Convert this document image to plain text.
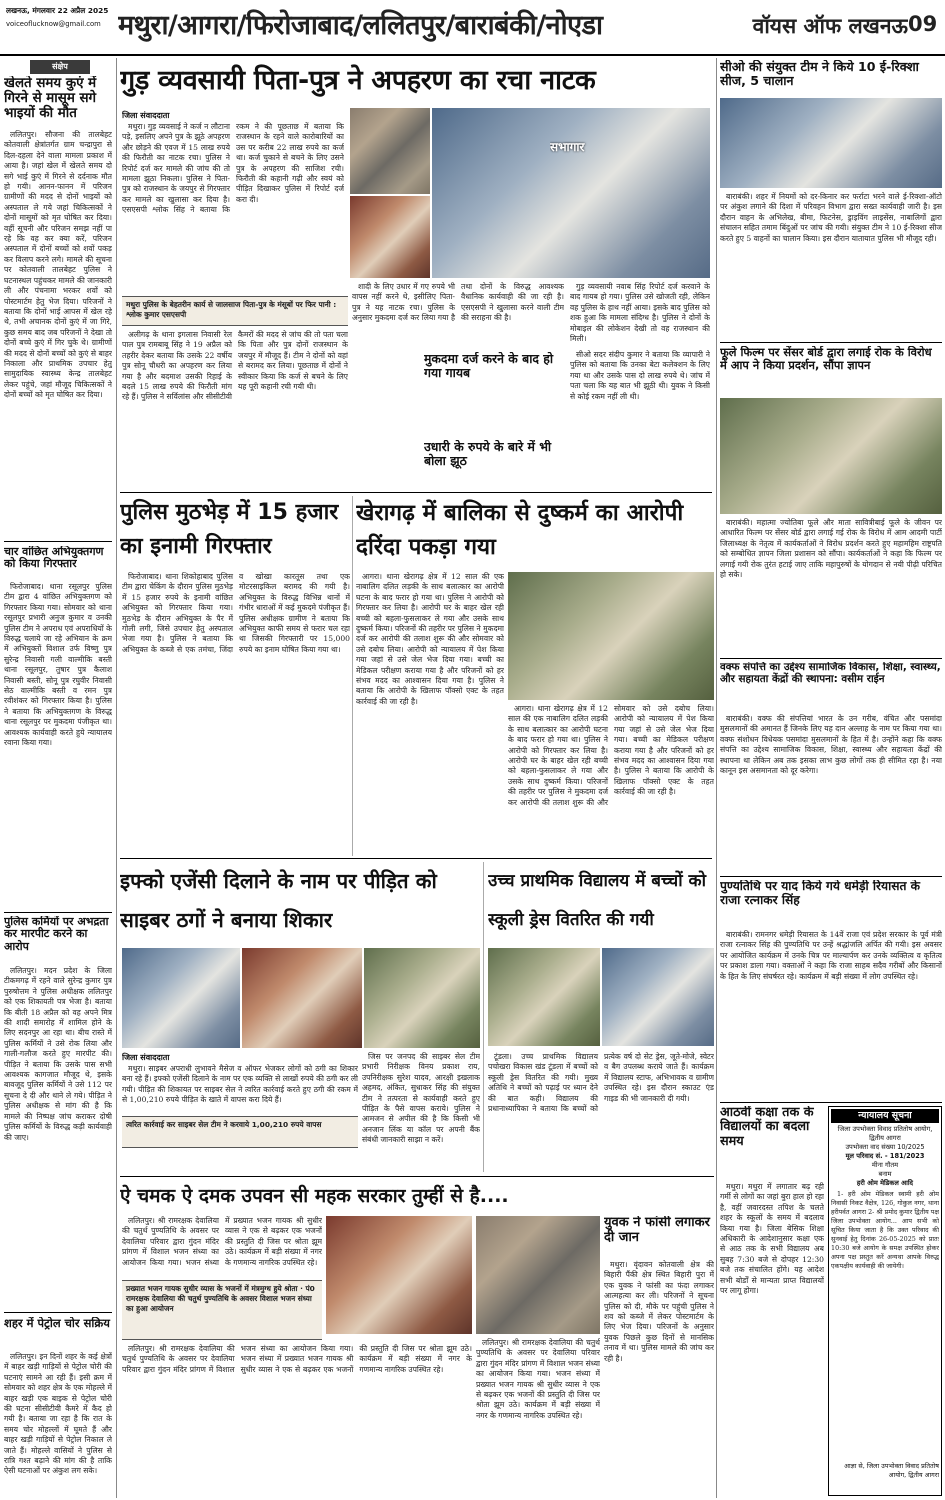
लखनऊ, मंगलवार 22 अप्रैल 2025
voiceoflucknow@gmail.com मथुरा/आगरा/फिरोजाबाद/ललितपुर/बाराबंकी/नोएडा	वॉयस ऑफ लखनऊ 09
संक्षेप
खेलते समय कुएं में गिरने से मासूम सगे भाइयों की मौत
ललितपुर। सौजना की तालबेहट कोतवाली क्षेत्रांतर्गत ग्राम चन्द्रापुरा से दिल-दहला देने वाला मामला प्रकाश में आया है। जहां खेल में खेलते समय दो सगे भाई कुएं में गिरने से दर्दनाक मौत हो गयी। आनन-फानन में परिजन ग्रामीणों की मदद से दोनों भाइयों को अस्पताल ले गये जहां चिकित्सकों ने दोनों मासूमों को मृत घोषित कर दिया। वहीं सूचनी और परिजन समझ नहीं पा रहे कि वह कर क्या करें, परिजन अस्पताल में दोनों बच्चों को शवों पकड़ कर विलाप करने लगे। मामले की सूचना पर कोतवाली तालबेहट पुलिस ने घटनास्थल पहुंचकर मामले की जानकारी ली और पंचनामा भरकर शवों को पोस्टमार्टम हेतु भेज दिया। परिजनों ने बताया कि दोनों भाई आपस में खेल रहे थे, तभी अचानक दोनों कुएं में जा गिरे, कुछ समय बाद जब परिजनों ने देखा तो दोनों बच्चे कुएं में गिर चुके थे। ग्रामीणों की मदद से दोनों बच्चों को कुएं से बाहर निकाला और प्राथमिक उपचार हेतु सामुदायिक स्वास्थ्य केन्द्र तालबेहट लेकर पहुंचे, जहां मौजूद चिकित्सकों ने दोनों बच्चों को मृत घोषित कर दिया।
चार वांछित अभियुक्तगण को किया गिरफ्तार
फिरोजाबाद। थाना रसूलपुर पुलिस टीम द्वारा 4 वांछित अभियुक्तगण को गिरफ्तार किया गया। सोमवार को थाना रसूलपुर प्रभारी अनुज कुमार व उनकी पुलिस टीम ने अपराध एवं अपराधियों के विरुद्ध चलाये जा रहे अभियान के क्रम में अभियुक्तों विशाल उर्फ विष्णु पुत्र सुरेन्द्र निवासी गली वाल्मीकि बस्ती थाना रसूलपुर, तुषार पुत्र कैलाश निवासी बस्ती, सोनू पुत्र रघुवीर निवासी सेठ वाल्मीकि बस्ती व रमन पुत्र रवीशंकर को गिरफ्तार किया है। पुलिस ने बताया कि अभियुक्तगण के विरुद्ध थाना रसूलपुर पर मुकदमा पंजीकृत था। आवश्यक कार्यवाही करते हुये न्यायालय रवाना किया गया।
पुलिस कर्मियों पर अभद्रता कर मारपीट करने का आरोप
ललितपुर। मदन प्रदेश के जिला टीकमगढ़ में रहने वाले सुरेन्द्र कुमार पुत्र पुरुषोत्तम ने पुलिस अधीक्षक ललितपुर को एक शिकायती पत्र भेजा है। बताया कि बीती 18 अप्रैल को वह अपने मित्र की शादी समारोह में शामिल होने के लिए सदनपुर आ रहा था। बीच रास्ते में पुलिस कर्मियों ने उसे रोक लिया और गाली-गलौज करते हुए मारपीट की। पीड़ित ने बताया कि उसके पास सभी आवश्यक कागजात मौजूद थे, इसके बावजूद पुलिस कर्मियों ने उसे 112 पर सूचना दे दी और थाने ले गये। पीड़ित ने पुलिस अधीक्षक से मांग की है कि मामले की निष्पक्ष जांच कराकर दोषी पुलिस कर्मियों के विरुद्ध कड़ी कार्यवाही की जाए।
शहर में पेट्रोल चोर सक्रिय
ललितपुर। इन दिनों शहर के कई क्षेत्रों में बाहर खड़ी गाड़ियों से पेट्रोल चोरी की घटनाएं सामने आ रही हैं। इसी क्रम में सोमवार को शहर क्षेत्र के एक मोहल्ले में बाहर खड़ी एक बाइक से पेट्रोल चोरी की घटना सीसीटीवी कैमरे में कैद हो गयी है। बताया जा रहा है कि रात के समय चोर मोहल्लों में घूमते हैं और बाहर खड़ी गाड़ियों से पेट्रोल निकाल ले जाते हैं। मोहल्ले वासियों ने पुलिस से रात्रि गश्त बढ़ाने की मांग की है ताकि ऐसी घटनाओं पर अंकुश लग सके।
गुड़ व्यवसायी पिता-पुत्र ने अपहरण का रचा नाटक
जिला संवाददाता
मथुरा। गुड़ व्यवसाई ने कर्ज न लौटाना पड़े, इसलिए अपने पुत्र के झूठे अपहरण और छोड़ने की एवज में 15 लाख रुपये की फिरौती का नाटक रचा। पुलिस ने रिपोर्ट दर्ज कर मामले की जांच की तो मामला झूठा निकला। पुलिस ने पिता-पुत्र को राजस्थान के जयपुर से गिरफ्तार कर मामले का खुलासा कर दिया है। एसएसपी श्लोक सिंह ने बताया कि रकम ने की पूछताछ में बताया कि राजस्थान के रहने वाले कारोबारियों का उस पर करीब 22 लाख रुपये का कर्ज था। कर्ज चुकाने से बचने के लिए उसने पुत्र के अपहरण की साजिश रची। फिरौती की कहानी गढ़ी और स्वयं को पीड़ित दिखाकर पुलिस में रिपोर्ट दर्ज करा दी।
सभागार
मथुरा पुलिस के बेहतरीन कार्य से जालसाज पिता-पुत्र के मंसूबों पर फिर पानी : श्लोक कुमार एसएसपी
अलीगढ़ के थाना इगलास निवासी रेल पाल पुत्र रामबाबू सिंह ने 19 अप्रैल को तहरीर देकर बताया कि उसके 22 वर्षीय पुत्र सोनू चौधरी का अपहरण कर लिया गया है और बदमाश उसकी रिहाई के बदले 15 लाख रुपये की फिरौती मांग रहे हैं। पुलिस ने सर्विलांस और सीसीटीवी कैमरों की मदद से जांच की तो पता चला कि पिता और पुत्र दोनों राजस्थान के जयपुर में मौजूद हैं। टीम ने दोनों को वहां से बरामद कर लिया। पूछताछ में दोनों ने स्वीकार किया कि कर्ज से बचने के लिए यह पूरी कहानी रची गयी थी।
शादी के लिए उधार में गए रुपये भी वापस नहीं करने थे, इसीलिए पिता-पुत्र ने यह नाटक रचा। पुलिस के अनुसार मुकदमा दर्ज कर लिया गया है तथा दोनों के विरुद्ध आवश्यक वैधानिक कार्यवाही की जा रही है। एसएसपी ने खुलासा करने वाली टीम की सराहना की है।
गुड़ व्यवसायी नवाब सिंह रिपोर्ट दर्ज करवाने के बाद गायब हो गया। पुलिस उसे खोजती रही, लेकिन वह पुलिस के हाथ नहीं आया। इसके बाद पुलिस को शक हुआ कि मामला संदिग्ध है। पुलिस ने दोनों के मोबाइल की लोकेशन देखी तो वह राजस्थान की मिली।
मुकदमा दर्ज करने के बाद हो गया गायब
उधारी के रुपये के बारे में भी बोला झूठ
सीओ सदर संदीप कुमार ने बताया कि व्यापारी ने पुलिस को बताया कि उनका बेटा कलेक्शन के लिए गया था और उसके पास दो लाख रुपये थे। जांच में पता चला कि यह बात भी झूठी थी। युवक ने किसी से कोई रकम नहीं ली थी।
पुलिस मुठभेड़ में 15 हजार का इनामी गिरफ्तार
फिरोजाबाद। थाना शिकोहाबाद पुलिस टीम द्वारा चेकिंग के दौरान पुलिस मुठभेड़ में 15 हजार रुपये के इनामी वांछित अभियुक्त को गिरफ्तार किया गया। मुठभेड़ के दौरान अभियुक्त के पैर में गोली लगी, जिसे उपचार हेतु अस्पताल भेजा गया है। पुलिस ने बताया कि अभियुक्त के कब्जे से एक तमंचा, जिंदा व खोखा कारतूस तथा एक मोटरसाइकिल बरामद की गयी है। अभियुक्त के विरुद्ध विभिन्न थानों में गंभीर धाराओं में कई मुकदमे पंजीकृत हैं। पुलिस अधीक्षक ग्रामीण ने बताया कि अभियुक्त काफी समय से फरार चल रहा था जिसकी गिरफ्तारी पर 15,000 रुपये का इनाम घोषित किया गया था।
खेरागढ़ में बालिका से दुष्कर्म का आरोपी दरिंदा पकड़ा गया
आगरा। थाना खेरागढ़ क्षेत्र में 12 साल की एक नाबालिग दलित लड़की के साथ बलात्कार का आरोपी घटना के बाद फरार हो गया था। पुलिस ने आरोपी को गिरफ्तार कर लिया है। आरोपी घर के बाहर खेल रही बच्ची को बहला-फुसलाकर ले गया और उसके साथ दुष्कर्म किया। परिजनों की तहरीर पर पुलिस ने मुकदमा दर्ज कर आरोपी की तलाश शुरू की और सोमवार को उसे दबोच लिया। आरोपी को न्यायालय में पेश किया गया जहां से उसे जेल भेज दिया गया। बच्ची का मेडिकल परीक्षण कराया गया है और परिजनों को हर संभव मदद का आश्वासन दिया गया है। पुलिस ने बताया कि आरोपी के खिलाफ पॉक्सो एक्ट के तहत कार्रवाई की जा रही है।
आगरा। थाना खेरागढ़ क्षेत्र में 12 साल की एक नाबालिग दलित लड़की के साथ बलात्कार का आरोपी घटना के बाद फरार हो गया था। पुलिस ने आरोपी को गिरफ्तार कर लिया है। आरोपी घर के बाहर खेल रही बच्ची को बहला-फुसलाकर ले गया और उसके साथ दुष्कर्म किया। परिजनों की तहरीर पर पुलिस ने मुकदमा दर्ज कर आरोपी की तलाश शुरू की और सोमवार को उसे दबोच लिया। आरोपी को न्यायालय में पेश किया गया जहां से उसे जेल भेज दिया गया। बच्ची का मेडिकल परीक्षण कराया गया है और परिजनों को हर संभव मदद का आश्वासन दिया गया है। पुलिस ने बताया कि आरोपी के खिलाफ पॉक्सो एक्ट के तहत कार्रवाई की जा रही है।
इफ्को एजेंसी दिलाने के नाम पर पीड़ित को साइबर ठगों ने बनाया शिकार
जिला संवाददाता
मथुरा। साइबर अपराधी लुभावने मैसेज व ऑफर भेजकर लोगों को ठगी का शिकार बना रहे हैं। इफ्को एजेंसी दिलाने के नाम पर एक व्यक्ति से लाखों रुपये की ठगी कर ली गयी। पीड़ित की शिकायत पर साइबर सेल ने त्वरित कार्रवाई करते हुए ठगी की रकम में से 1,00,210 रुपये पीड़ित के खाते में वापस करा दिये हैं।
त्वरित कार्रवाई कर साइबर सेल टीम ने करवाये 1,00,210 रुपये वापस
जिस पर जनपद की साइबर सेल टीम प्रभारी निरीक्षक विनय प्रकाश राय, उपनिरीक्षक सुरेश यादव, आरक्षी इखलाक अहमद, अंकित, सुधाकर सिंह की संयुक्त टीम ने तत्परता से कार्यवाही करते हुए पीड़ित के पैसे वापस कराये। पुलिस ने आमजन से अपील की है कि किसी भी अनजान लिंक या कॉल पर अपनी बैंक संबंधी जानकारी साझा न करें।
उच्च प्राथमिक विद्यालय में बच्चों को स्कूली ड्रेस वितरित की गयी
टूंडला। उच्च प्राथमिक विद्यालय पचोखरा विकास खंड टूंडला में बच्चों को स्कूली ड्रेस वितरित की गयी। मुख्य अतिथि ने बच्चों को पढ़ाई पर ध्यान देने की बात कही। विद्यालय की प्रधानाध्यापिका ने बताया कि बच्चों को प्रत्येक वर्ष दो सेट ड्रेस, जूते-मोजे, स्वेटर व बैग उपलब्ध कराये जाते हैं। कार्यक्रम में विद्यालय स्टाफ, अभिभावक व ग्रामीण उपस्थित रहे। इस दौरान स्काउट एंड गाइड की भी जानकारी दी गयी।
ऐ चमक ऐ दमक उपवन सी महक सरकार तुम्हीं से है....
ललितपुर। श्री रामरक्षक देवालिया की चतुर्थ पुण्यतिथि के अवसर पर देवालिया परिवार द्वारा गुंदन मंदिर प्रांगण में विशाल भजन संध्या का आयोजन किया गया। भजन संध्या में प्रख्यात भजन गायक श्री सुधीर व्यास ने एक से बढ़कर एक भजनों की प्रस्तुति दी जिस पर श्रोता झूम उठे। कार्यक्रम में बड़ी संख्या में नगर के गणमान्य नागरिक उपस्थित रहे।
प्रख्यात भजन गायक सुधीर व्यास के भजनों में मंत्रमुग्ध हुये श्रोता · पं0 रामरक्षक देवालिया की चतुर्थ पुण्यतिथि के अवसर विशाल भजन संध्या का हुआ आयोजन
ललितपुर। श्री रामरक्षक देवालिया की चतुर्थ पुण्यतिथि के अवसर पर देवालिया परिवार द्वारा गुंदन मंदिर प्रांगण में विशाल भजन संध्या का आयोजन किया गया। भजन संध्या में प्रख्यात भजन गायक श्री सुधीर व्यास ने एक से बढ़कर एक भजनों की प्रस्तुति दी जिस पर श्रोता झूम उठे। कार्यक्रम में बड़ी संख्या में नगर के गणमान्य नागरिक उपस्थित रहे।
ललितपुर। श्री रामरक्षक देवालिया की चतुर्थ पुण्यतिथि के अवसर पर देवालिया परिवार द्वारा गुंदन मंदिर प्रांगण में विशाल भजन संध्या का आयोजन किया गया। भजन संध्या में प्रख्यात भजन गायक श्री सुधीर व्यास ने एक से बढ़कर एक भजनों की प्रस्तुति दी जिस पर श्रोता झूम उठे। कार्यक्रम में बड़ी संख्या में नगर के गणमान्य नागरिक उपस्थित रहे।
युवक ने फांसी लगाकर दी जान
मथुरा। वृंदावन कोतवाली क्षेत्र की बिहारी पैंकी क्षेत्र स्थित बिहारी पुरा में एक युवक ने फांसी का फंदा लगाकर आत्महत्या कर ली। परिजनों ने सूचना पुलिस को दी, मौके पर पहुंची पुलिस ने शव को कब्जे में लेकर पोस्टमार्टम के लिए भेज दिया। परिजनों के अनुसार युवक पिछले कुछ दिनों से मानसिक तनाव में था। पुलिस मामले की जांच कर रही है।
सीओ की संयुक्त टीम ने किये 10 ई-रिक्शा सीज, 5 चालान
बाराबंकी। शहर में नियमों को दर-किनार कर फर्राटा भरने वाले ई-रिक्शा-ऑटो पर अंकुश लगाने की दिशा में परिवहन विभाग द्वारा सख्त कार्यवाही जारी है। इस दौरान वाहन के अभिलेख, बीमा, फिटनेस, ड्राइविंग लाइसेंस, नाबालिगों द्वारा संचालन सहित तमाम बिंदुओं पर जांच की गयी। संयुक्त टीम ने 10 ई-रिक्शा सीज करते हुए 5 वाहनों का चालान किया। इस दौरान यातायात पुलिस भी मौजूद रही।
फूले फिल्म पर सेंसर बोर्ड द्वारा लगाई रोक के विरोध में आप ने किया प्रदर्शन, सौंपा ज्ञापन
बाराबंकी। महात्मा ज्योतिबा फूले और माता सावित्रीबाई फूले के जीवन पर आधारित फिल्म पर सेंसर बोर्ड द्वारा लगाई गई रोक के विरोध में आम आदमी पार्टी जिलाध्यक्ष के नेतृत्व में कार्यकर्ताओं ने विरोध प्रदर्शन करते हुए महामहिम राष्ट्रपति को सम्बोधित ज्ञापन जिला प्रशासन को सौंपा। कार्यकर्ताओं ने कहा कि फिल्म पर लगाई गयी रोक तुरंत हटाई जाए ताकि महापुरुषों के योगदान से नयी पीढ़ी परिचित हो सके।
वक्फ संपत्ति का उद्देश्य सामाजिक विकास, शिक्षा, स्वास्थ्य, और सहायता केंद्रों की स्थापना: वसीम राईन
बाराबंकी। वक्फ की संपत्तियां भारत के उन गरीब, वंचित और पसमांदा मुसलमानों की अमानत हैं जिनके लिए यह दान अल्लाह के नाम पर किया गया था। वक्फ संशोधन विधेयक पसमांदा मुसलमानों के हित में है। उन्होंने कहा कि वक्फ संपत्ति का उद्देश्य सामाजिक विकास, शिक्षा, स्वास्थ्य और सहायता केंद्रों की स्थापना था लेकिन अब तक इसका लाभ कुछ लोगों तक ही सीमित रहा है। नया कानून इस असमानता को दूर करेगा।
पुण्यतिथि पर याद किये गये धमेड़ी रियासत के राजा रत्नाकर सिंह
बाराबंकी। रामनगर धमेड़ी रियासत के 14वें राजा एवं प्रदेश सरकार के पूर्व मंत्री राजा रत्नाकर सिंह की पुण्यतिथि पर उन्हें श्रद्धांजलि अर्पित की गयी। इस अवसर पर आयोजित कार्यक्रम में उनके चित्र पर माल्यार्पण कर उनके व्यक्तित्व व कृतित्व पर प्रकाश डाला गया। वक्ताओं ने कहा कि राजा साहब सदैव गरीबों और किसानों के हित के लिए संघर्षरत रहे। कार्यक्रम में बड़ी संख्या में लोग उपस्थित रहे।
आठवीं कक्षा तक के विद्यालयों का बदला समय
मथुरा। मथुरा में लगातार बढ़ रही गर्मी से लोगों का जहां बुरा हाल हो रहा है, वहीं जवारदस्त तपिश के चलते शहर के स्कूलों के समय में बदलाव किया गया है। जिला बेसिक शिक्षा अधिकारी के आदेशानुसार कक्षा एक से आठ तक के सभी विद्यालय अब सुबह 7:30 बजे से दोपहर 12:30 बजे तक संचालित होंगे। यह आदेश सभी बोर्डों से मान्यता प्राप्त विद्यालयों पर लागू होगा।
न्यायालय सूचना
जिला उपभोक्ता विवाद प्रतितोष आयोग, द्वितीय आगरा
उपभोक्ता वाद संख्या 10/2025
मूल परिवाद सं. - 181/2023
मीना गौतम
बनाम
हरी ओम मेडिकल आदि
1- हरी ओम मेडिकल स्वामी हरी ओम निवासी निकट वैक्षेत्र, 126, गोकुल नगर, थाना हरीपर्वत आगरा 2- श्री प्रमोद कुमार द्वितीय पक्ष जिला उपभोक्ता आयोग... आप सभी को सूचित किया जाता है कि उक्त परिवाद की सुनवाई हेतु दिनांक 26-05-2025 को प्रातः 10:30 बजे आयोग के समक्ष उपस्थित होकर अपना पक्ष प्रस्तुत करें अन्यथा आपके विरुद्ध एकपक्षीय कार्यवाही की जायेगी।
आज्ञा से, जिला उपभोक्ता विवाद प्रतितोष आयोग, द्वितीय आगरा
